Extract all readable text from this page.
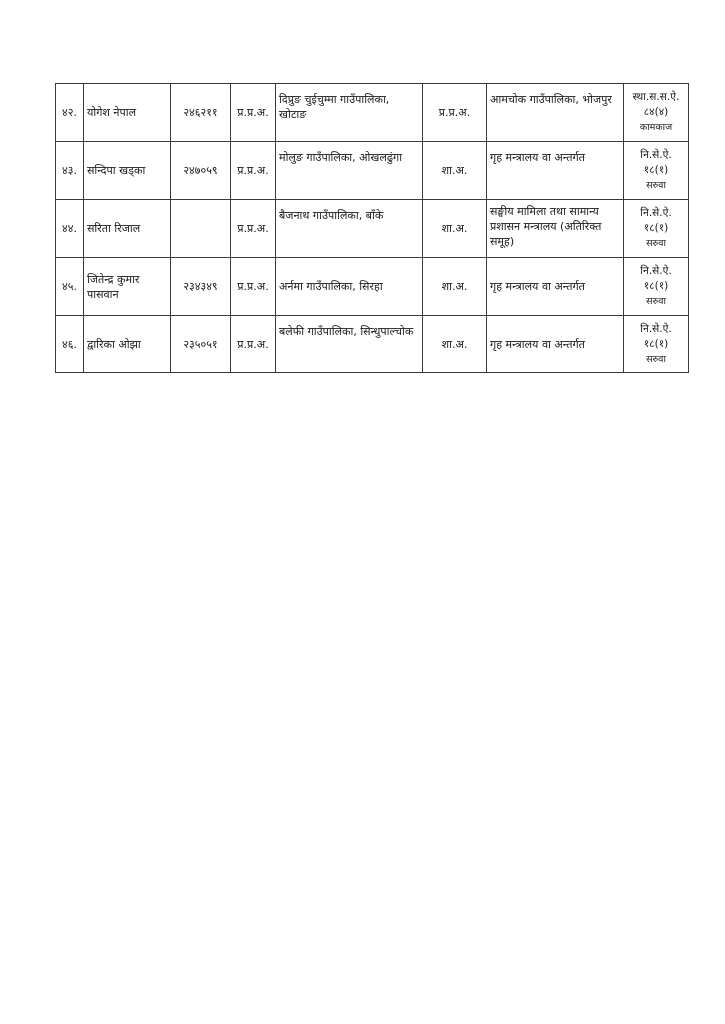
४२.	योगेश नेपाल	२४६२११	प्र.प्र.अ.	दिप्रुङ चुईचुम्मा गाउँपालिका, खोटाङ	प्र.प्र.अ.	आमचोक गाउँपालिका, भोजपुर	स्था.स.स.ऐ.
८४(४)
कामकाज

४३.	सन्दिपा खड्का	२४७०५९	प्र.प्र.अ.	मोलुङ गाउँपालिका, ओखलढुंगा	शा.अ.	गृह मन्त्रालय वा अन्तर्गत	नि.से.ऐ.
१८(१)
सरुवा

४४.	सरिता रिजाल		प्र.प्र.अ.	बैजनाथ गाउँपालिका, बाँके	शा.अ.	सङ्घीय मामिला तथा सामान्य प्रशासन मन्त्रालय (अतिरिक्त समूह)	नि.से.ऐ.
१८(१)
सरुवा

४५.	जितेन्द्र कुमार पासवान	२३४३४९	प्र.प्र.अ.	अर्नमा गाउँपालिका, सिरहा	शा.अ.	गृह मन्त्रालय वा अन्तर्गत	नि.से.ऐ.
१८(१)
सरुवा

४६.	द्वारिका ओझा	२३५०५१	प्र.प्र.अ.	बलेफी गाउँपालिका, सिन्धुपाल्चोक	शा.अ.	गृह मन्त्रालय वा अन्तर्गत	नि.से.ऐ.
१८(१)
सरुवा
